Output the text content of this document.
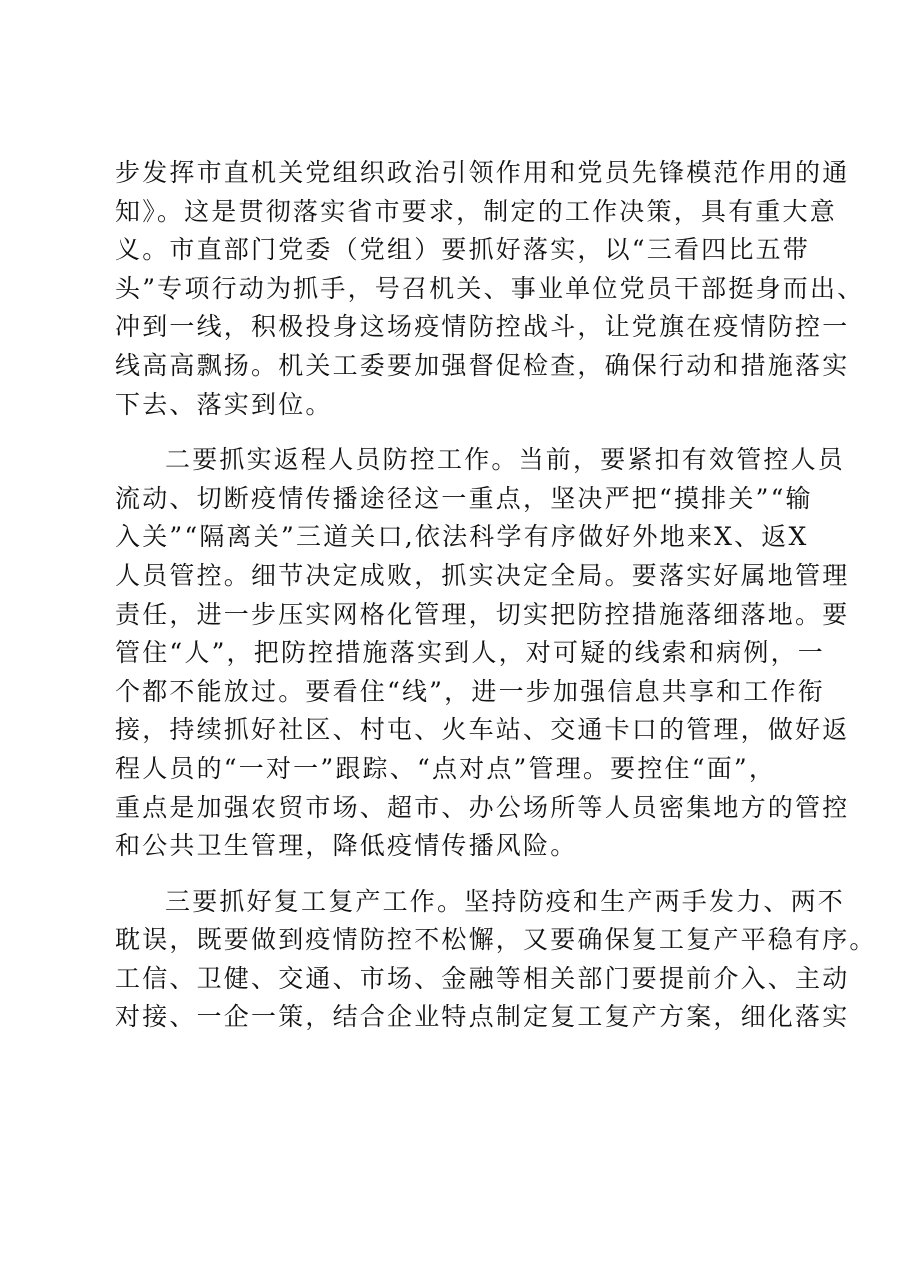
步发挥市直机关党组织政治引领作用和党员先锋模范作用的通
知》。这是贯彻落实省市要求，制定的工作决策，具有重大意
义。市直部门党委（党组）要抓好落实，以“三看四比五带
头”专项行动为抓手，号召机关、事业单位党员干部挺身而出、
冲到一线，积极投身这场疫情防控战斗，让党旗在疫情防控一
线高高飘扬。机关工委要加强督促检查，确保行动和措施落实
下去、落实到位。
二要抓实返程人员防控工作。当前，要紧扣有效管控人员
流动、切断疫情传播途径这一重点，坚决严把“摸排关”“输
入关”“隔离关”三道关口,依法科学有序做好外地来X、返X
人员管控。细节决定成败，抓实决定全局。要落实好属地管理
责任，进一步压实网格化管理，切实把防控措施落细落地。要
管住“人”，把防控措施落实到人，对可疑的线索和病例，一
个都不能放过。要看住“线”，进一步加强信息共享和工作衔
接，持续抓好社区、村屯、火车站、交通卡口的管理，做好返
程人员的“一对一”跟踪、“点对点”管理。要控住“面”，
重点是加强农贸市场、超市、办公场所等人员密集地方的管控
和公共卫生管理，降低疫情传播风险。
三要抓好复工复产工作。坚持防疫和生产两手发力、两不
耽误，既要做到疫情防控不松懈，又要确保复工复产平稳有序。
工信、卫健、交通、市场、金融等相关部门要提前介入、主动
对接、一企一策，结合企业特点制定复工复产方案，细化落实
